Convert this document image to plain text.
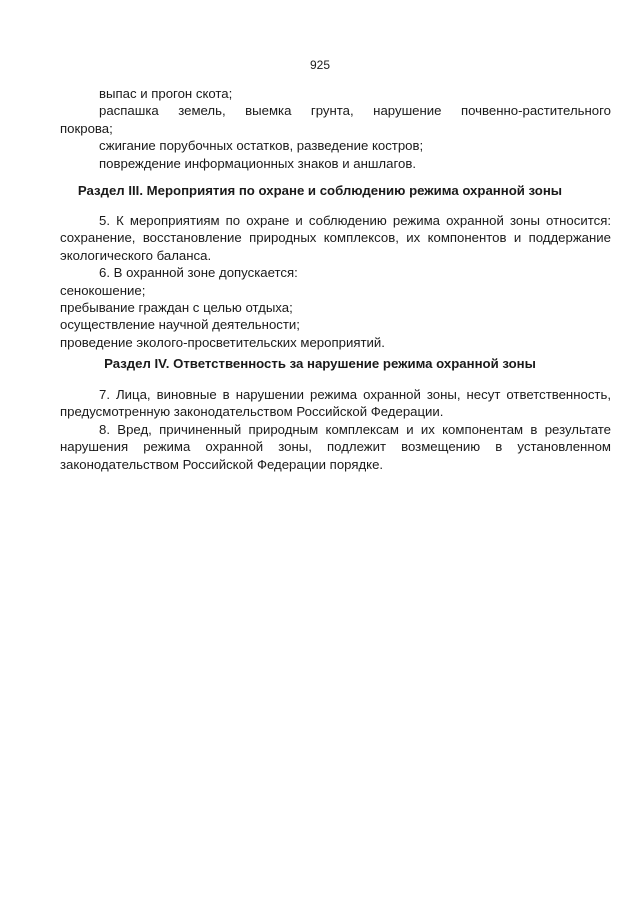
925

выпас и прогон скота;

распашка земель, выемка грунта, нарушение почвенно-растительного

покрова;

сжигание порубочных остатков, разведение костров;

повреждение информационных знаков и аншлагов.

Раздел III. Мероприятия по охране и соблюдению режима охранной зоны

5. К мероприятиям по охране и соблюдению режима охранной зоны относится: сохранение, восстановление природных комплексов, их компонентов и поддержание экологического баланса.

6. В охранной зоне допускается:

сенокошение;

пребывание граждан с целью отдыха;

осуществление научной деятельности;

проведение эколого-просветительских мероприятий.

Раздел IV. Ответственность за нарушение режима охранной зоны

7. Лица, виновные в нарушении режима охранной зоны, несут ответственность, предусмотренную законодательством Российской Федерации.

8. Вред, причиненный природным комплексам и их компонентам в результате нарушения режима охранной зоны, подлежит возмещению в установленном законодательством Российской Федерации порядке.
